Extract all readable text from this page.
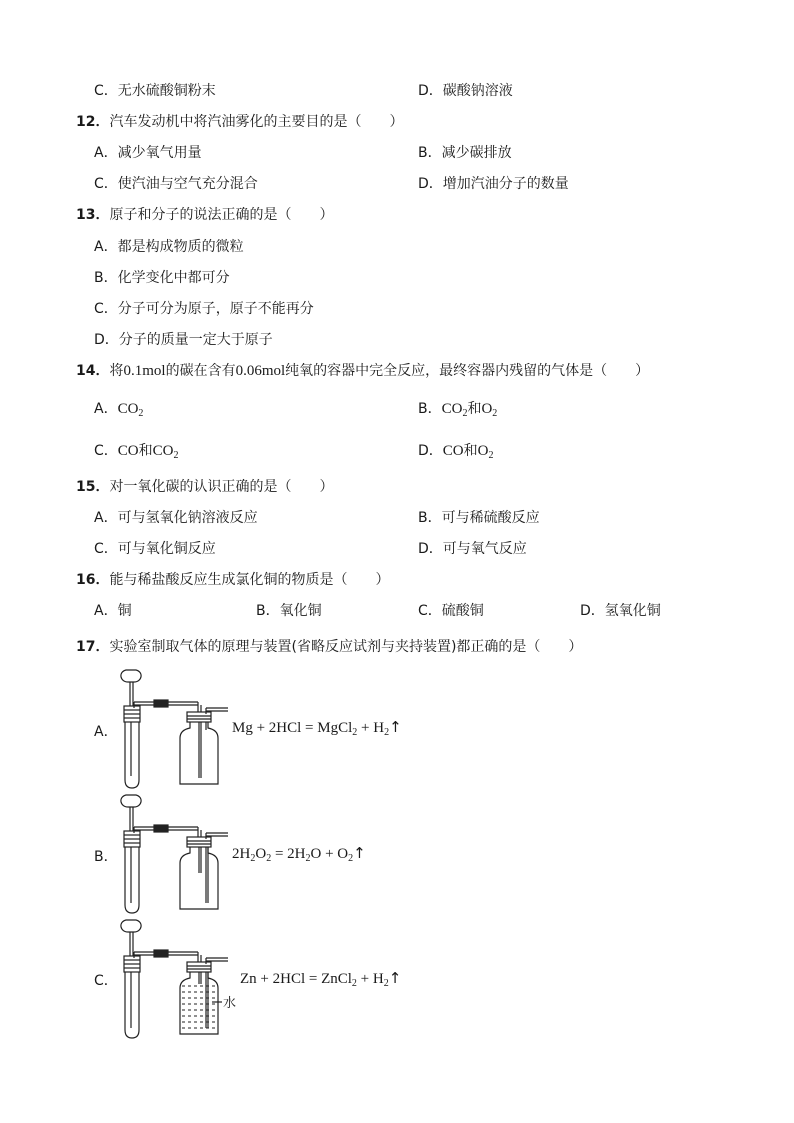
C．无水硫酸铜粉末	D．碳酸钠溶液
12．汽车发动机中将汽油雾化的主要目的是（　　）
A．减少氧气用量	B．减少碳排放
C．使汽油与空气充分混合	D．增加汽油分子的数量
13．原子和分子的说法正确的是（　　）
A．都是构成物质的微粒
B．化学变化中都可分
C．分子可分为原子，原子不能再分
D．分子的质量一定大于原子
14．将0.1mol的碳在含有0.06mol纯氧的容器中完全反应，最终容器内残留的气体是（　　）
A．$CO_2$	B．$CO_2$和$O_2$
C．CO和$CO_2$	D．CO和$O_2$
15．对一氧化碳的认识正确的是（　　）
A．可与氢氧化钠溶液反应	B．可与稀硫酸反应
C．可与氧化铜反应	D．可与氧气反应
16．能与稀盐酸反应生成氯化铜的物质是（　　）
A．铜	B．氧化铜	C．硫酸铜	D．氢氧化铜
17．实验室制取气体的原理与装置(省略反应试剂与夹持装置)都正确的是（　　）
A．	Mg + 2HCl = MgCl$_2$ + $H_2↑$
B．	$2H_2O_2 = 2H_2O$ + $O_2↑$
C．
水
Zn + 2HCl = ZnCl$_2$ + $H_2↑$
